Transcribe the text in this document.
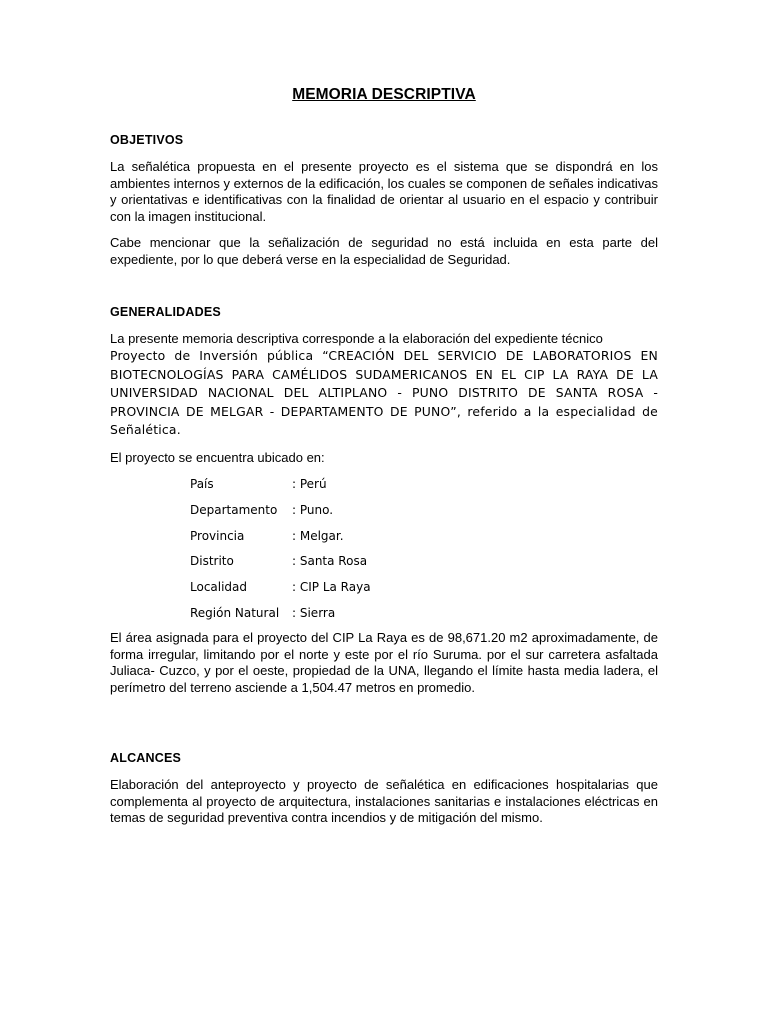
MEMORIA DESCRIPTIVA
OBJETIVOS
La señalética propuesta en el presente proyecto es el sistema que se dispondrá en los ambientes internos y externos de la edificación, los cuales se componen de señales indicativas y orientativas e identificativas con la finalidad de orientar al usuario en el espacio y contribuir con la imagen institucional.
Cabe mencionar que la señalización de seguridad no está incluida en esta parte del expediente, por lo que deberá verse en la especialidad de Seguridad.
GENERALIDADES
La presente memoria descriptiva corresponde a la elaboración del expediente técnico
Proyecto de Inversión pública “CREACIÓN DEL SERVICIO DE LABORATORIOS EN BIOTECNOLOGÍAS PARA CAMÉLIDOS SUDAMERICANOS EN EL CIP LA RAYA DE LA UNIVERSIDAD NACIONAL DEL ALTIPLANO - PUNO DISTRITO DE SANTA ROSA - PROVINCIA DE MELGAR - DEPARTAMENTO DE PUNO”, referido a la especialidad de Señalética.
El proyecto se encuentra ubicado en:
País	: Perú
Departamento : Puno.
Provincia	: Melgar.
Distrito	: Santa Rosa
Localidad	: CIP La Raya
Región Natural : Sierra
El área asignada para el proyecto del CIP La Raya es de 98,671.20 m2 aproximadamente, de forma irregular, limitando por el norte y este por el río Suruma. por el sur carretera asfaltada Juliaca- Cuzco, y por el oeste, propiedad de la UNA, llegando el límite hasta media ladera, el perímetro del terreno asciende a 1,504.47 metros en promedio.
ALCANCES
Elaboración del anteproyecto y proyecto de señalética en edificaciones hospitalarias que complementa al proyecto de arquitectura, instalaciones sanitarias e instalaciones eléctricas en temas de seguridad preventiva contra incendios y de mitigación del mismo.
